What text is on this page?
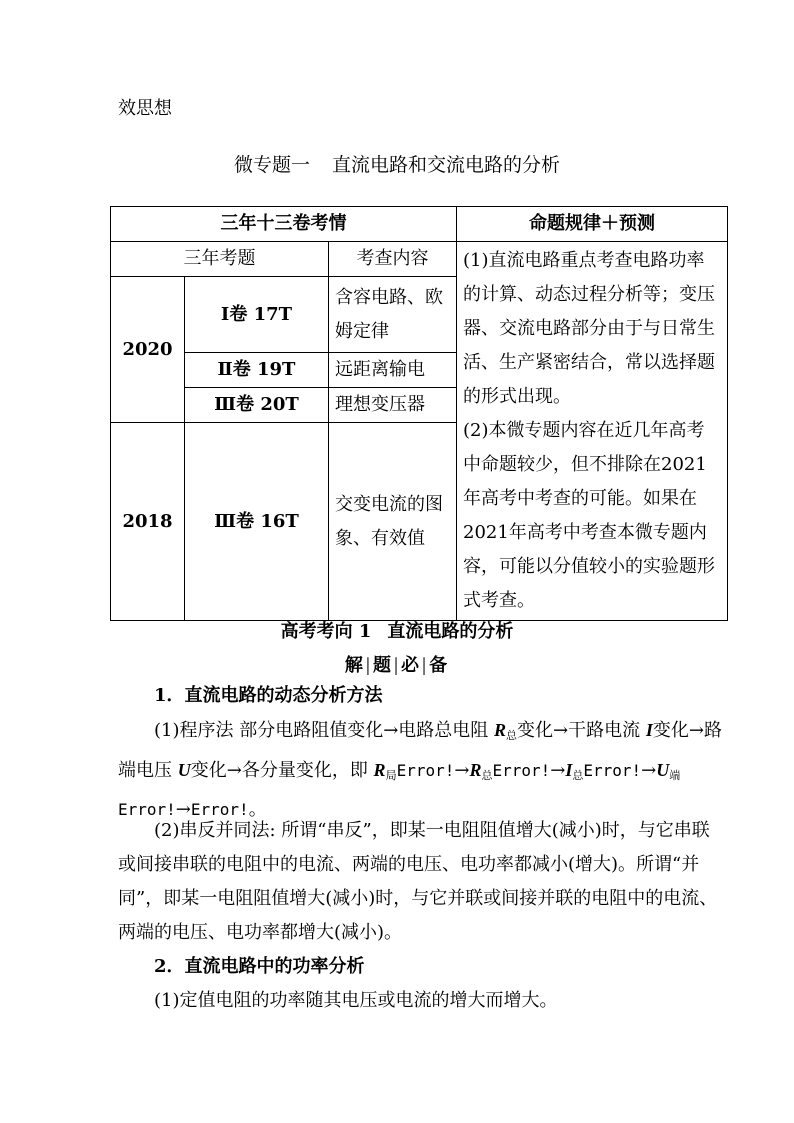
效思想
微专题一 直流电路和交流电路的分析
三年十三卷考情			命题规律＋预测
三年考题		考查内容	(1)直流电路重点考查电路功率的计算、动态过程分析等；变压器、交流电路部分由于与日常生活、生产紧密结合，常以选择题的形式出现。
(2)本微专题内容在近几年高考中命题较少，但不排除在2021年高考中考查的可能。如果在2021年高考中考查本微专题内容，可能以分值较小的实验题形式考查。

2020	Ⅰ卷 17T	含容电路、欧姆定律	
	Ⅱ卷 19T	远距离输电	
	Ⅲ卷 20T	理想变压器	
2018	Ⅲ卷 16T	交变电流的图象、有效值	
高考考向 1 直流电路的分析
解|题|必|备
1．直流电路的动态分析方法
(1)程序法 部分电路阻值变化→电路总电阻 $R_总$变化→干路电流 I变化→路端电压 U变化→各分量变化，即 $R_局Error!\to R_总Error!\to I_总Error!\to U_端Error!\to Error$!。
(2)串反并同法: 所谓“串反”，即某一电阻阻值增大(减小)时，与它串联或间接串联的电阻中的电流、两端的电压、电功率都减小(增大)。所谓“并同”，即某一电阻阻值增大(减小)时，与它并联或间接并联的电阻中的电流、两端的电压、电功率都增大(减小)。
2．直流电路中的功率分析
(1)定值电阻的功率随其电压或电流的增大而增大。
